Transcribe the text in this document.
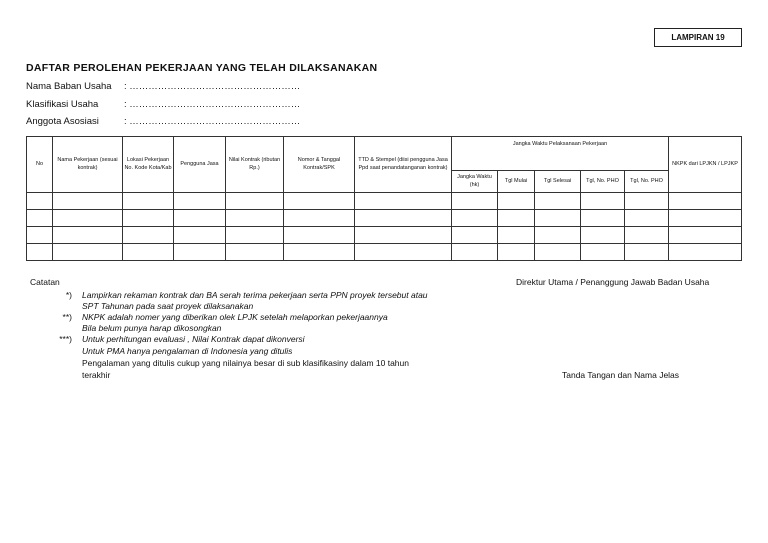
LAMPIRAN 19
DAFTAR PEROLEHAN PEKERJAAN YANG TELAH DILAKSANAKAN
Nama Baban Usaha : ………………………………………………
Klasifikasi Usaha	: ………………………………………………
Anggota Asosiasi	: ………………………………………………
No	Nama Pekerjaan (sesuai kontrak)	Lokasi Pekerjaan No. Kode Kota/Kab	Pengguna Jasa	Nilai Kontrak (ributan Rp.)	Nomor & Tanggal Kontrak/SPK	TTD & Stempel (diisi pengguna Jasa Ppd saat penandatanganan kontrak)	Jangka Waktu Pelaksanaan Pekerjaan					NKPK dari LPJKN / LPJKP
							Jangka Waktu (hk)	Tgl Mulai	Tgl Selesai	Tgl, No. PHO	Tgl, No. PHO	

Catatan	Direktur Utama / Penanggung Jawab Badan Usaha
*) Lampirkan rekaman kontrak dan BA serah terima pekerjaan serta PPN proyek tersebut atau
SPT Tahunan pada saat proyek dilaksanakan
**) NKPK adalah nomer yang diberikan olek LPJK setelah melaporkan pekerjaannya
Bila belum punya harap dikosongkan
***) Untuk perhitungan evaluasi , Nilai Kontrak dapat dikonversi
Untuk PMA hanya pengalaman di Indonesia yang ditulis
Pengalaman yang ditulis cukup yang nilainya besar di sub klasifikasiny dalam 10 tahun
terakhir	Tanda Tangan dan Nama Jelas
